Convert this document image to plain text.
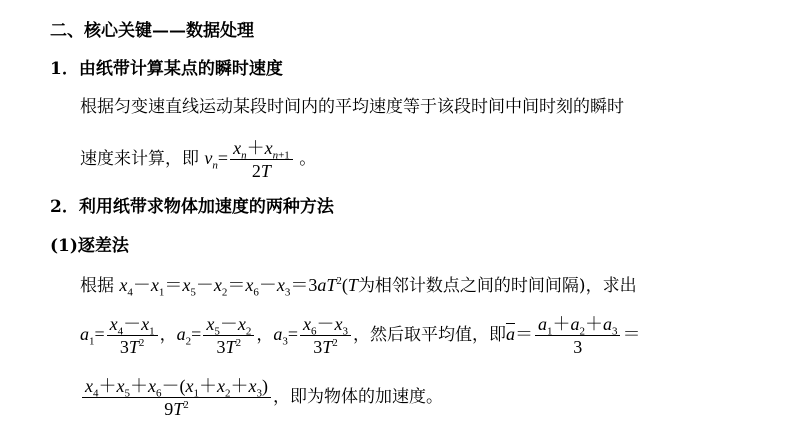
二、核心关键——数据处理
1．由纸带计算某点的瞬时速度
根据匀变速直线运动某段时间内的平均速度等于该段时间中间时刻的瞬时
速度来计算，即 $v_n= \frac{x_n+x_{n+1}}{2T}$ 。
2．利用纸带求物体加速度的两种方法
(1)逐差法
根据 $x_4-x_1=x_5-x_2=x_6-x_3=3aT^2(T$为相邻计数点之间的时间间隔)，求出
$a_1= \frac{x_4-x_1}{3T^2}$ ，$a_2= \frac{x_5-x_2}{3T^2}$ ，$a_3= \frac{x_6-x_3}{3T^2}$ ，然后取平均值，即$\overline{a}= \frac{a_1+a_2+a_3}{3}$ ＝
$\frac{x_4+x_5+x_6-(x_1+x_2+x_3)}{9T^2}$ ，即为物体的加速度。
